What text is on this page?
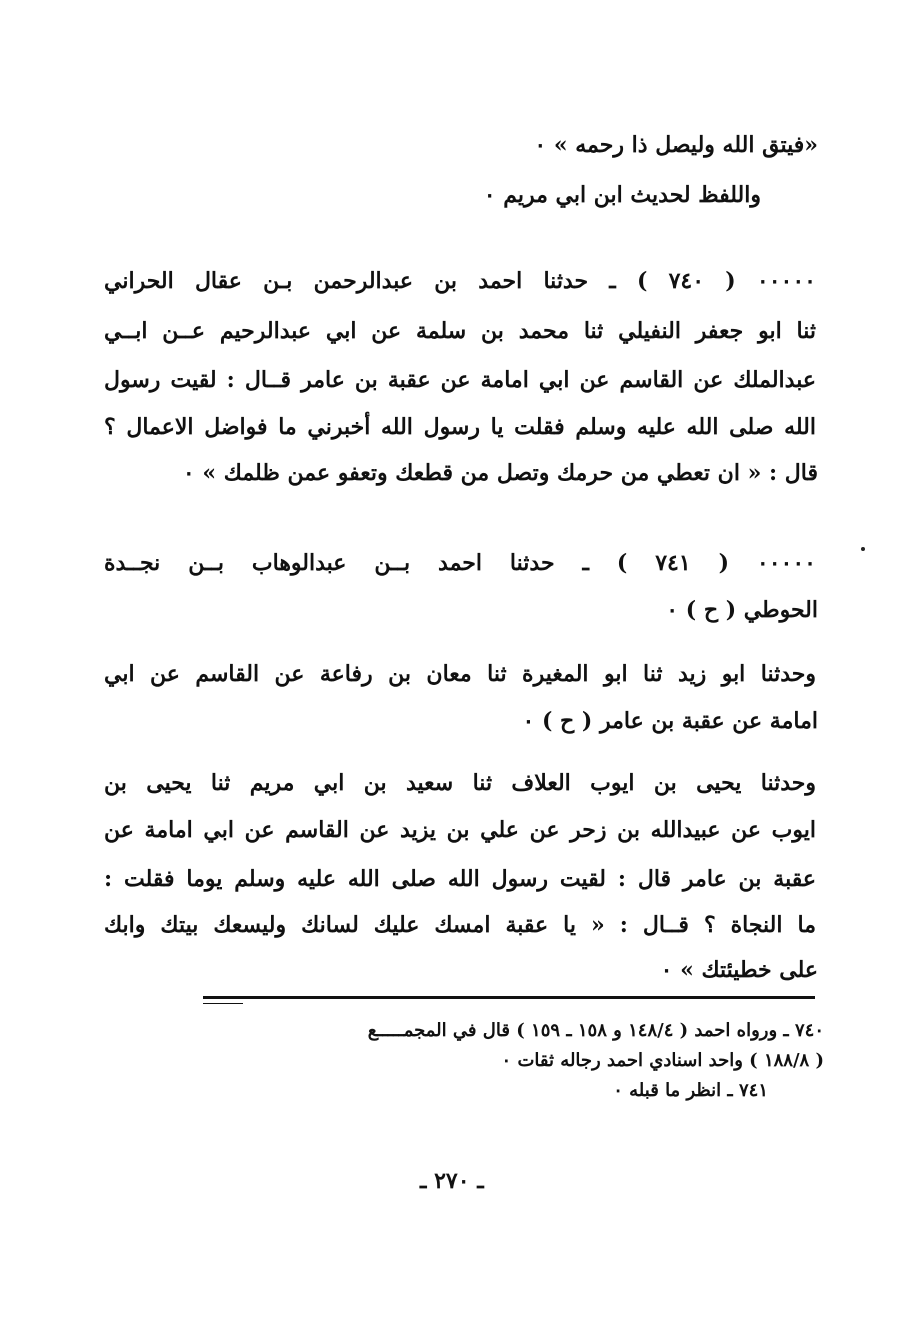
«فيتق الله وليصل ذا رحمه » ٠
واللفظ لحديث ابن ابي مريم ٠
٠٠٠٠٠ ( ٧٤٠ ) ـ حدثنا احمد بن عبدالرحمن بـن عقال الحراني
ثنا ابو جعفر النفيلي ثنا محمد بن سلمة عن ابي عبدالرحيم عــن ابــي
عبدالملك عن القاسم عن ابي امامة عن عقبة بن عامر قــال : لقيت رسول
الله صلى الله عليه وسلم فقلت يا رسول الله أخبرني ما فواضل الاعمال ؟
قال : « ان تعطي من حرمك وتصل من قطعك وتعفو عمن ظلمك » ٠
٠٠٠٠٠ ( ٧٤١ ) ـ حدثنا احمد بــن عبدالوهاب بــن نجــدة
الحوطي ( ح ) ٠
وحدثنا ابو زيد ثنا ابو المغيرة ثنا معان بن رفاعة عن القاسم عن ابي
امامة عن عقبة بن عامر ( ح ) ٠
وحدثنا يحيى بن ايوب العلاف ثنا سعيد بن ابي مريم ثنا يحيى بن
ايوب عن عبيدالله بن زحر عن علي بن يزيد عن القاسم عن ابي امامة عن
عقبة بن عامر قال : لقيت رسول الله صلى الله عليه وسلم يوما فقلت :
ما النجاة ؟ قــال : « يا عقبة امسك عليك لسانك وليسعك بيتك وابك
على خطيئتك » ٠
٧٤٠ ـ ورواه احمد ( ١٤٨/٤ و ١٥٨ ـ ١٥٩ ) قال في المجمـــــع
( ١٨٨/٨ ) واحد اسنادي احمد رجاله ثقات ٠
٧٤١ ـ انظر ما قبله ٠
ـ ٢٧٠ ـ
